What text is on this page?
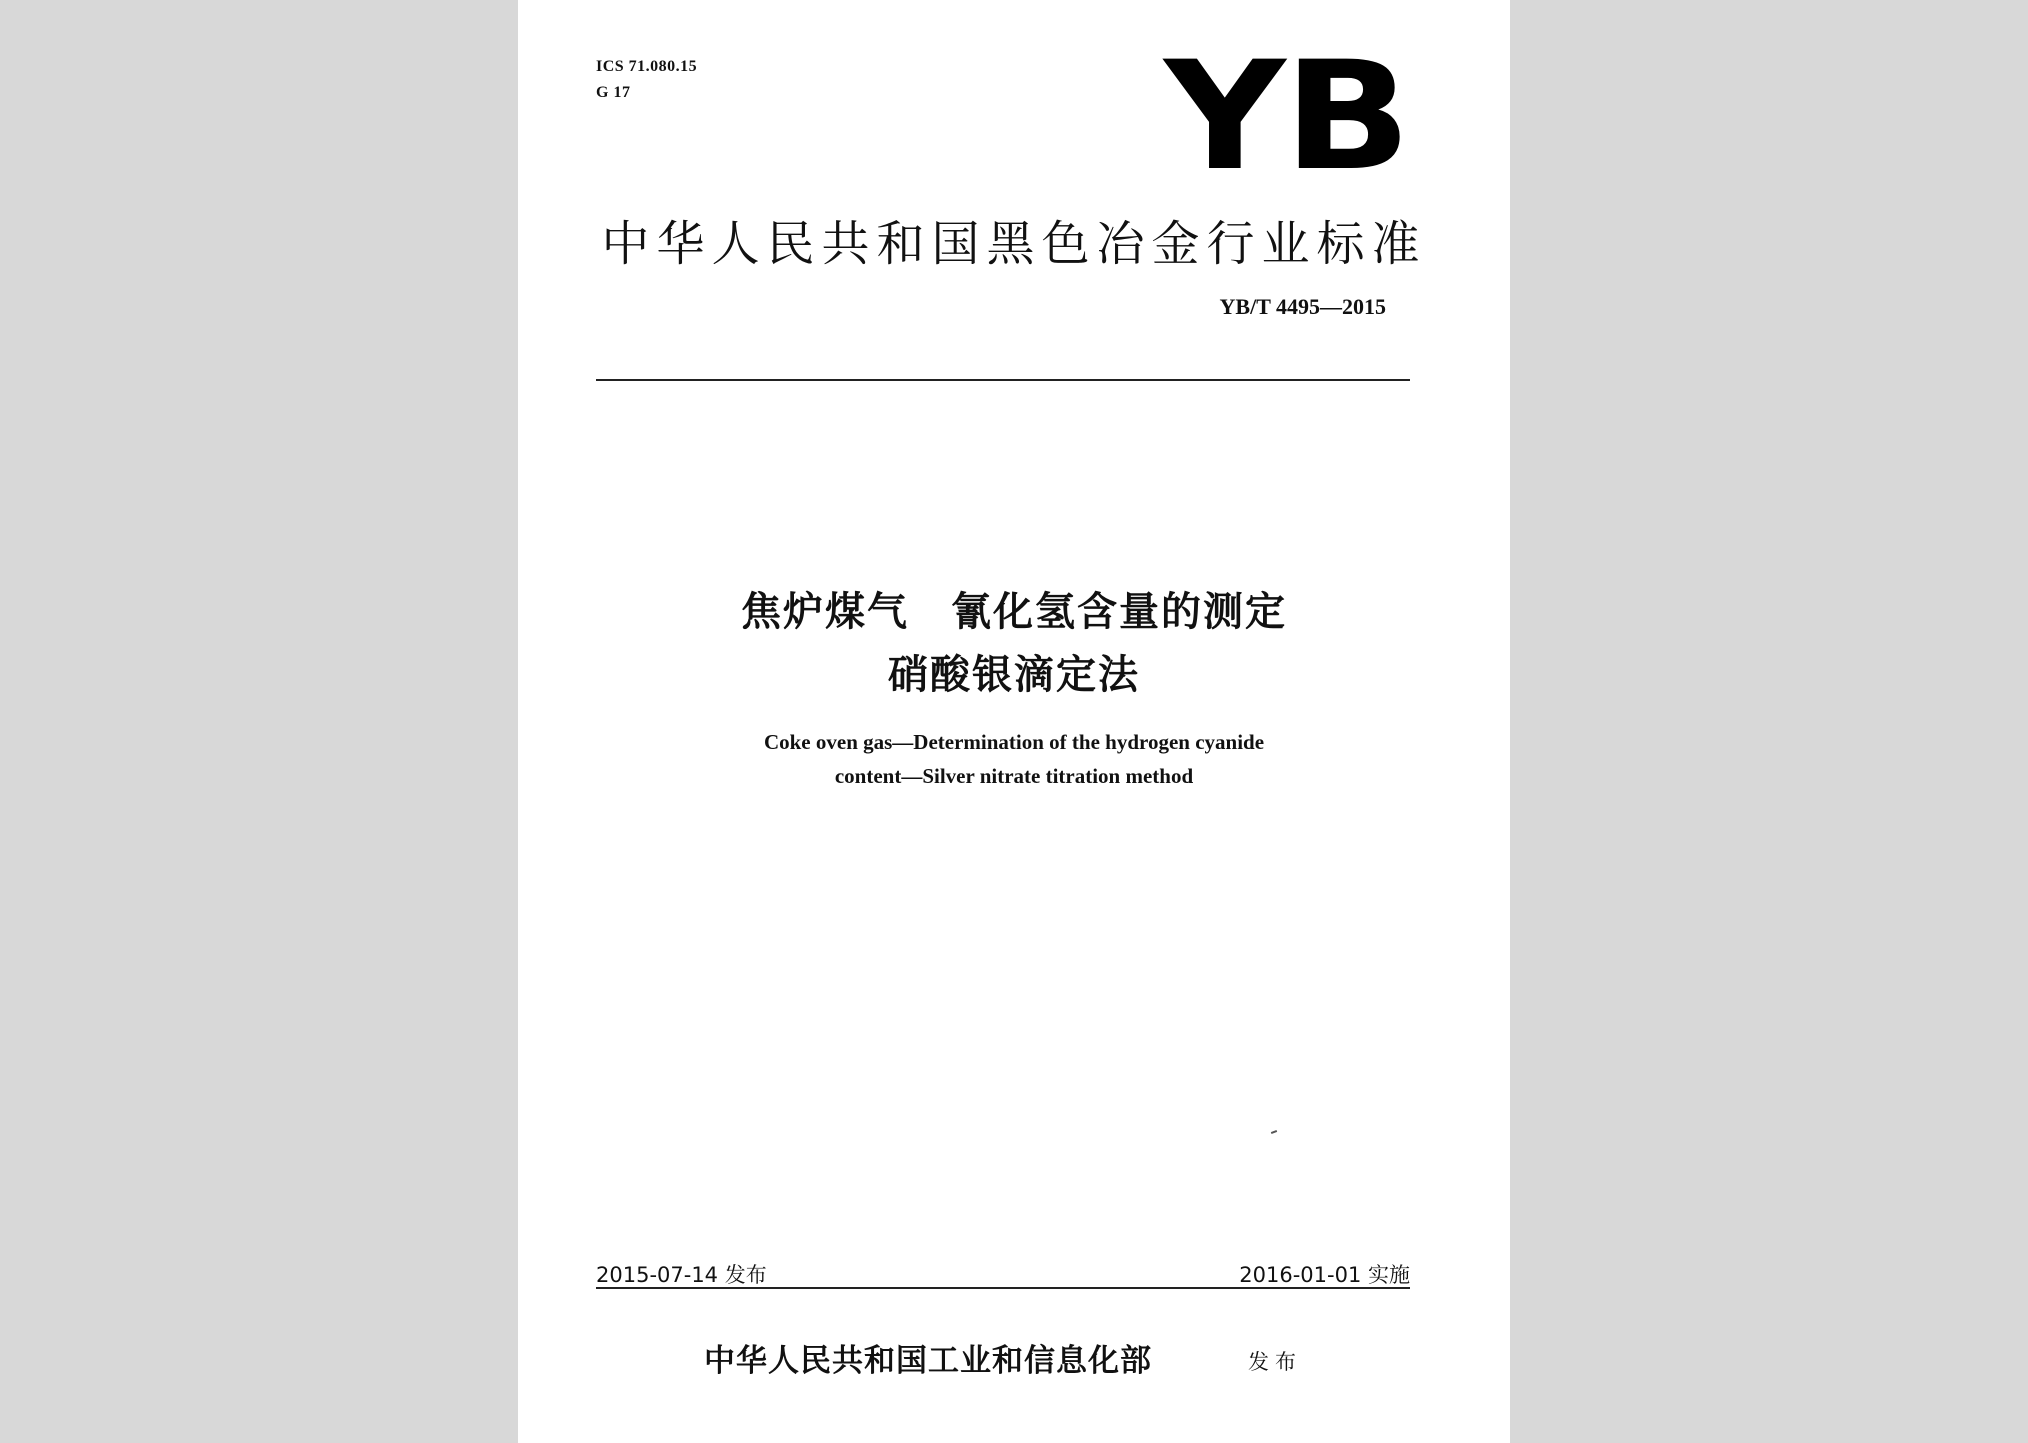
ICS 71.080.15
G 17	YB
中华人民共和国黑色冶金行业标准
YB/T 4495—2015
焦炉煤气　氰化氢含量的测定
硝酸银滴定法
Coke oven gas—Determination of the hydrogen cyanide
content—Silver nitrate titration method
2015-07-14 发布	2016-01-01 实施
中华人民共和国工业和信息化部	发布
